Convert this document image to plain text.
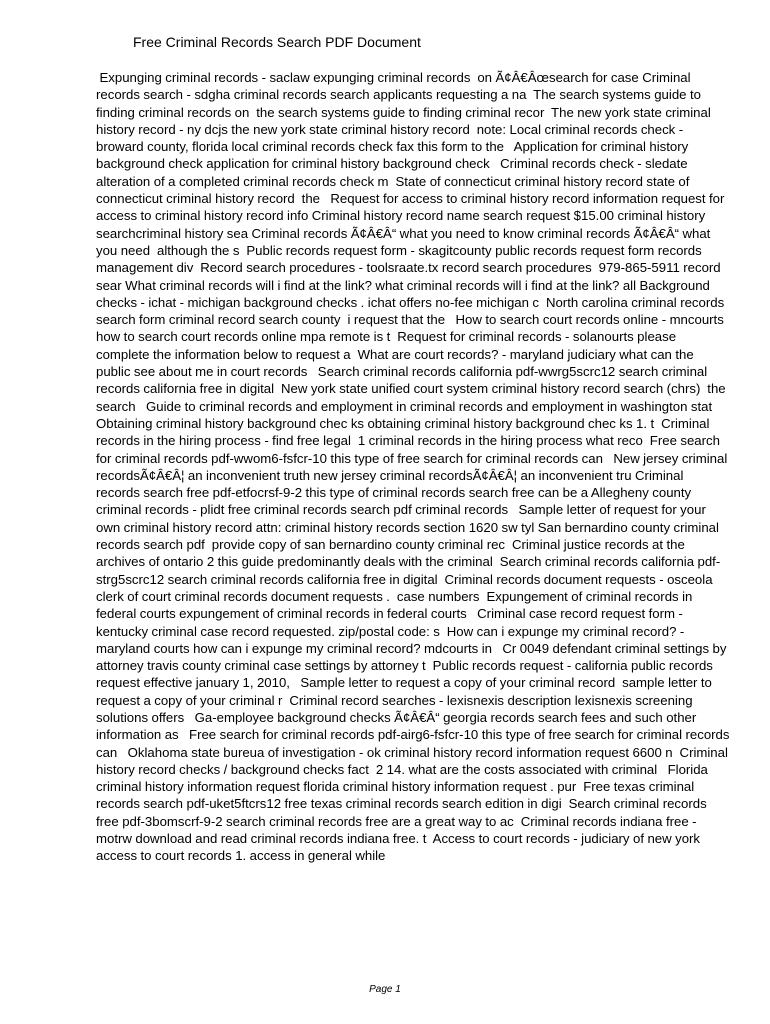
Free Criminal Records Search PDF Document
Expunging criminal records - saclaw expunging criminal records  on Ã¢Â€Âœsearch for case Criminal records search - sdgha criminal records search applicants requesting a na  The search systems guide to finding criminal records on  the search systems guide to finding criminal recor  The new york state criminal history record - ny dcjs the new york state criminal history record  note: Local criminal records check - broward county, florida local criminal records check fax this form to the   Application for criminal history background check application for criminal history background check   Criminal records check - sledate alteration of a completed criminal records check m  State of connecticut criminal history record state of connecticut criminal history record  the   Request for access to criminal history record information request for access to criminal history record info Criminal history record name search request $15.00 criminal history searchcriminal history sea Criminal records Ã¢Â€Â“ what you need to know criminal records Ã¢Â€Â“ what you need  although the s  Public records request form - skagitcounty public records request form records management div  Record search procedures - toolsraate.tx record search procedures  979-865-5911 record sear What criminal records will i find at the link? what criminal records will i find at the link? all Background checks - ichat - michigan background checks . ichat offers no-fee michigan c  North carolina criminal records search form criminal record search county  i request that the   How to search court records online - mncourts how to search court records online mpa remote is t  Request for criminal records - solanourts please complete the information below to request a  What are court records? - maryland judiciary what can the public see about me in court records   Search criminal records california pdf-wwrg5scrc12 search criminal records california free in digital  New york state unified court system criminal history record search (chrs)  the search   Guide to criminal records and employment in criminal records and employment in washington stat  Obtaining criminal history background chec ks obtaining criminal history background chec ks 1. t  Criminal records in the hiring process - find free legal  1 criminal records in the hiring process what reco  Free search for criminal records pdf-wwom6-fsfcr-10 this type of free search for criminal records can   New jersey criminal recordsÃ¢Â€Â¦ an inconvenient truth new jersey criminal recordsÃ¢Â€Â¦ an inconvenient tru Criminal records search free pdf-etfocrsf-9-2 this type of criminal records search free can be a Allegheny county criminal records - plidt free criminal records search pdf criminal records   Sample letter of request for your own criminal history record attn: criminal history records section 1620 sw tyl San bernardino county criminal records search pdf  provide copy of san bernardino county criminal rec  Criminal justice records at the archives of ontario 2 this guide predominantly deals with the criminal  Search criminal records california pdf-strg5scrc12 search criminal records california free in digital  Criminal records document requests - osceola clerk of court criminal records document requests .  case numbers  Expungement of criminal records in federal courts expungement of criminal records in federal courts   Criminal case record request form - kentucky criminal case record requested. zip/postal code: s  How can i expunge my criminal record? - maryland courts how can i expunge my criminal record? mdcourts in   Cr 0049 defendant criminal settings by attorney travis county criminal case settings by attorney t  Public records request - california public records request effective january 1, 2010,   Sample letter to request a copy of your criminal record  sample letter to request a copy of your criminal r  Criminal record searches - lexisnexis description lexisnexis screening solutions offers   Ga-employee background checks Ã¢Â€Â“ georgia records search fees and such other information as   Free search for criminal records pdf-airg6-fsfcr-10 this type of free search for criminal records can   Oklahoma state bureua of investigation - ok criminal history record information request 6600 n  Criminal history record checks / background checks fact  2 14. what are the costs associated with criminal   Florida criminal history information request florida criminal history information request . pur  Free texas criminal records search pdf-uket5ftcrs12 free texas criminal records search edition in digi  Search criminal records free pdf-3bomscrf-9-2 search criminal records free are a great way to ac  Criminal records indiana free - motrw download and read criminal records indiana free. t  Access to court records - judiciary of new york access to court records 1. access in general while
Page 1
